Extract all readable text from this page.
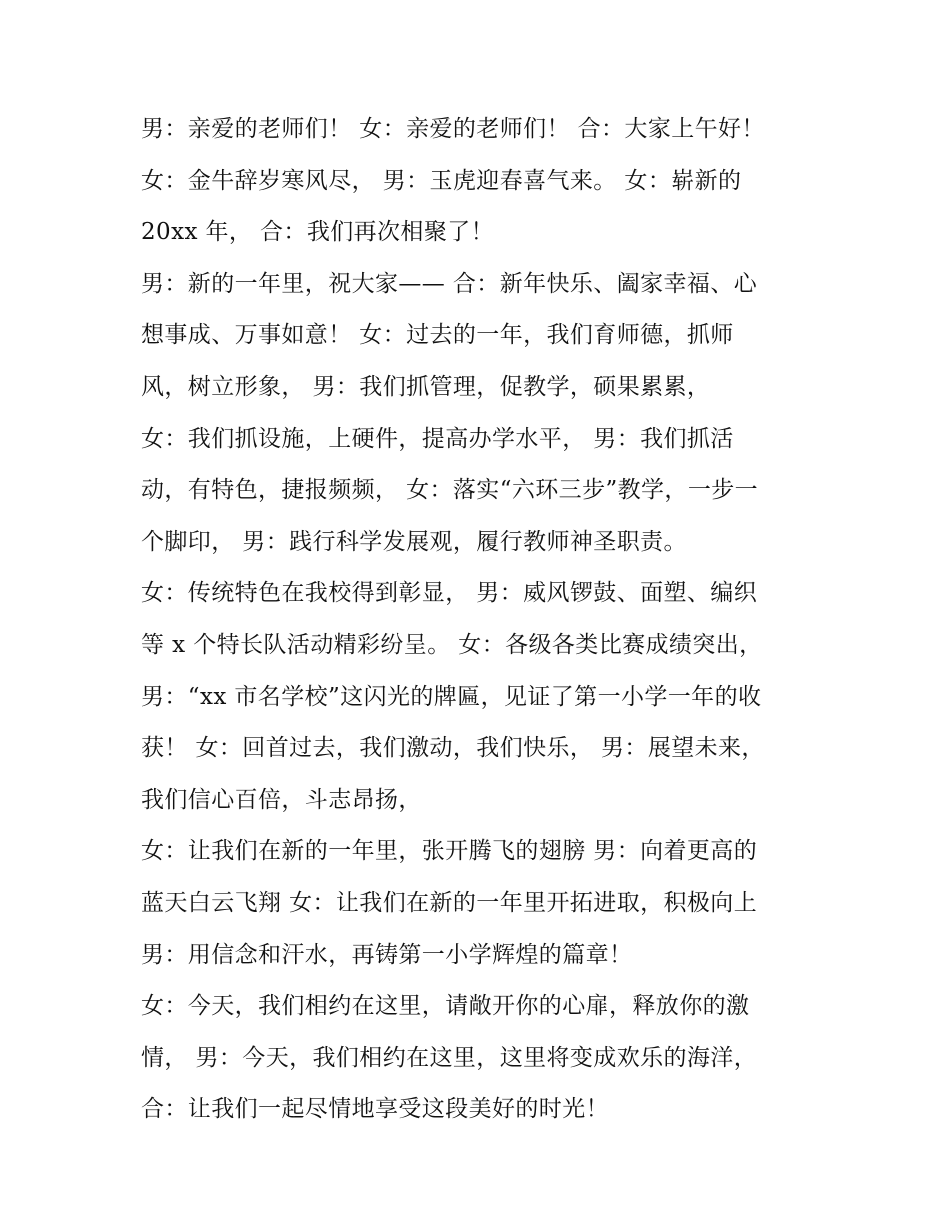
男：亲爱的老师们！ 女：亲爱的老师们！ 合：大家上午好！
女：金牛辞岁寒风尽， 男：玉虎迎春喜气来。 女：崭新的
20xx 年， 合：我们再次相聚了！
男：新的一年里，祝大家—— 合：新年快乐、阖家幸福、心
想事成、万事如意！ 女：过去的一年，我们育师德，抓师
风，树立形象， 男：我们抓管理，促教学，硕果累累，
女：我们抓设施，上硬件，提高办学水平， 男：我们抓活
动，有特色，捷报频频， 女：落实“六环三步”教学，一步一
个脚印， 男：践行科学发展观，履行教师神圣职责。
女：传统特色在我校得到彰显， 男：威风锣鼓、面塑、编织
等 x 个特长队活动精彩纷呈。 女：各级各类比赛成绩突出，
男：“xx 市名学校”这闪光的牌匾，见证了第一小学一年的收
获！ 女：回首过去，我们激动，我们快乐， 男：展望未来，
我们信心百倍，斗志昂扬，
女：让我们在新的一年里，张开腾飞的翅膀 男：向着更高的
蓝天白云飞翔 女：让我们在新的一年里开拓进取，积极向上
男：用信念和汗水，再铸第一小学辉煌的篇章！
女：今天，我们相约在这里，请敞开你的心扉，释放你的激
情， 男：今天，我们相约在这里，这里将变成欢乐的海洋，
合：让我们一起尽情地享受这段美好的时光！
